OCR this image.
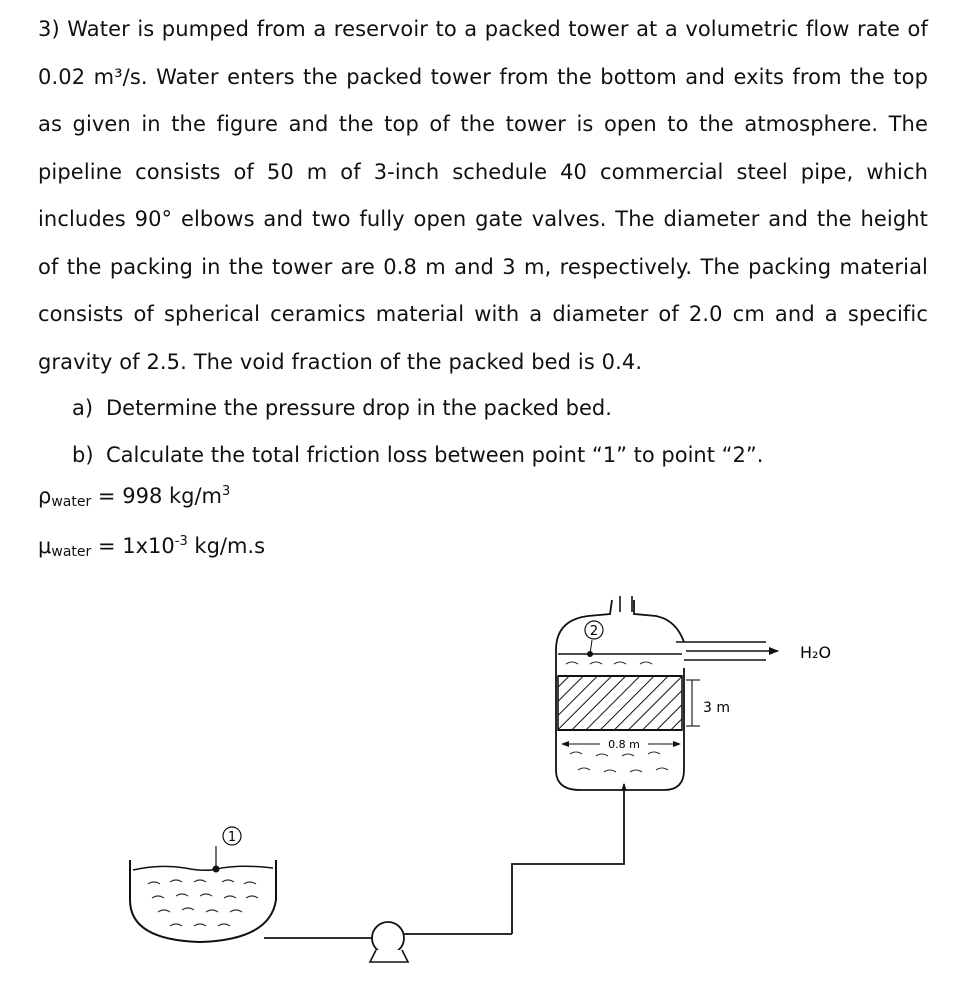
3) Water is pumped from a reservoir to a packed tower at a volumetric flow rate of 0.02 m³/s. Water enters the packed tower from the bottom and exits from the top as given in the figure and the top of the tower is open to the atmosphere. The pipeline consists of 50 m of 3-inch schedule 40 commercial steel pipe, which includes 90° elbows and two fully open gate valves. The diameter and the height of the packing in the tower are 0.8 m and 3 m, respectively. The packing material consists of spherical ceramics material with a diameter of 2.0 cm and a specific gravity of 2.5. The void fraction of the packed bed is 0.4.

a) Determine the pressure drop in the packed bed.
b) Calculate the total friction loss between point “1” to point “2”.
ρwater = 998 $kg/m^3$
μwater = $1x10^{-3}$ kg/m.s
1
H₂O
2
0.8 m
3 m
